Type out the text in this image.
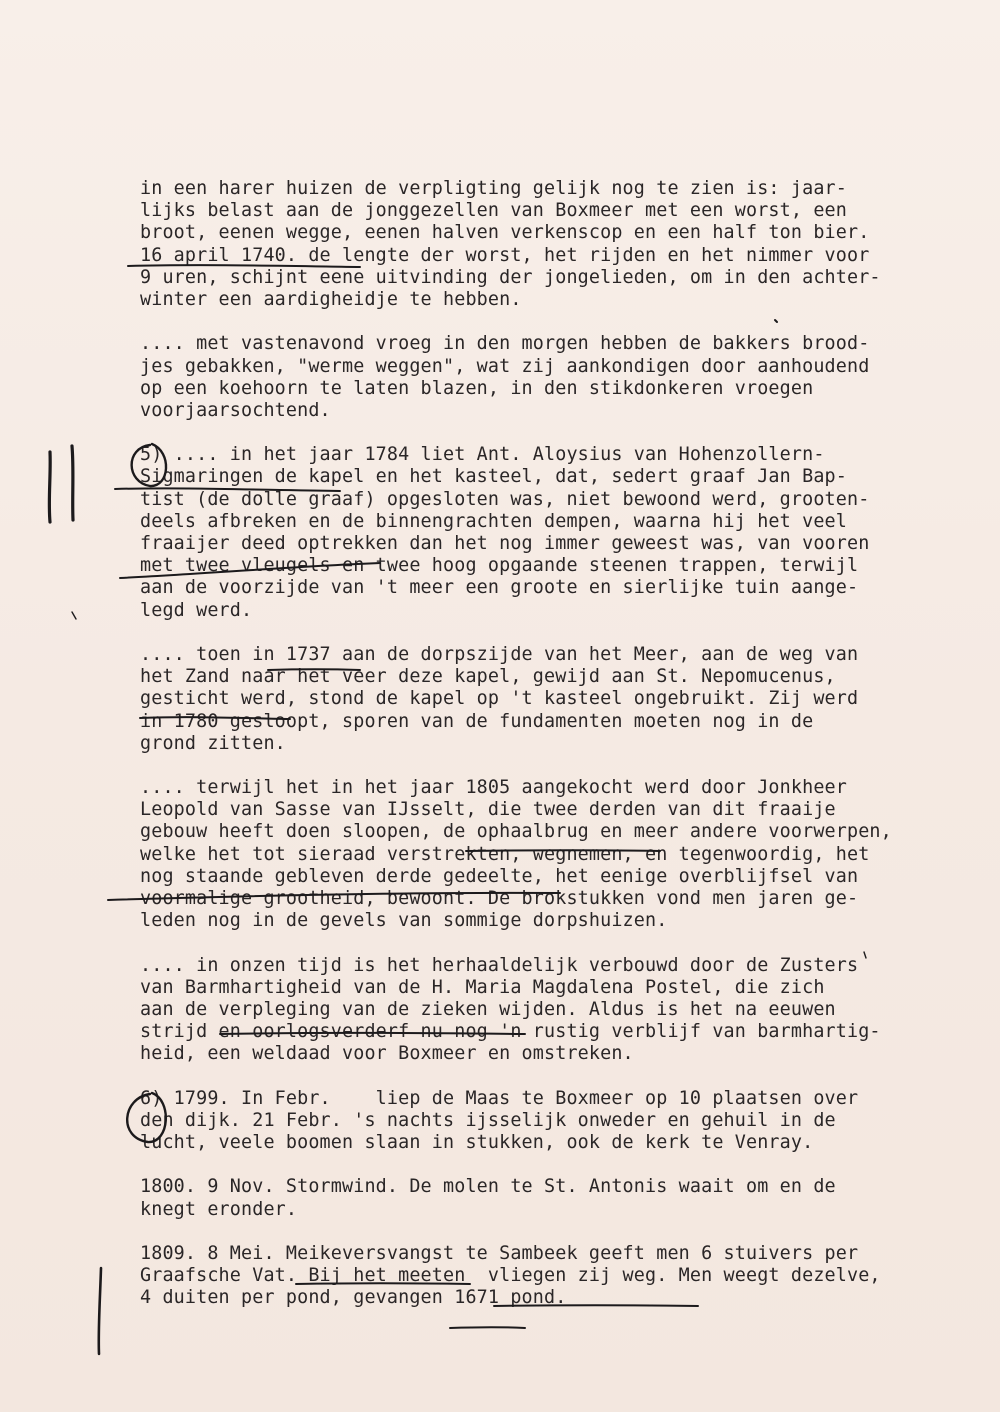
in een harer huizen de verpligting gelijk nog te zien is: jaar-
lijks belast aan de jonggezellen van Boxmeer met een worst, een
broot, eenen wegge, eenen halven verkenscop en een half ton bier.
16 april 1740. de lengte der worst, het rijden en het nimmer voor
9 uren, schijnt eene uitvinding der jongelieden, om in den achter-
winter een aardigheidje te hebben.
.... met vastenavond vroeg in den morgen hebben de bakkers brood-
jes gebakken, "werme weggen", wat zij aankondigen door aanhoudend
op een koehoorn te laten blazen, in den stikdonkeren vroegen
voorjaarsochtend.
5) .... in het jaar 1784 liet Ant. Aloysius van Hohenzollern-
Sigmaringen de kapel en het kasteel, dat, sedert graaf Jan Bap-
tist (de dolle graaf) opgesloten was, niet bewoond werd, grooten-
deels afbreken en de binnengrachten dempen, waarna hij het veel
fraaijer deed optrekken dan het nog immer geweest was, van vooren
met twee vleugels en twee hoog opgaande steenen trappen, terwijl
aan de voorzijde van 't meer een groote en sierlijke tuin aange-
legd werd.
.... toen in 1737 aan de dorpszijde van het Meer, aan de weg van
het Zand naar het veer deze kapel, gewijd aan St. Nepomucenus,
gesticht werd, stond de kapel op 't kasteel ongebruikt. Zij werd
in 1780 gesloopt, sporen van de fundamenten moeten nog in de
grond zitten.
.... terwijl het in het jaar 1805 aangekocht werd door Jonkheer
Leopold van Sasse van IJsselt, die twee derden van dit fraaije
gebouw heeft doen sloopen, de ophaalbrug en meer andere voorwerpen,
welke het tot sieraad verstrekten, wegnemen, en tegenwoordig, het
nog staande gebleven derde gedeelte, het eenige overblijfsel van
voormalige grootheid, bewoont. De brokstukken vond men jaren ge-
leden nog in de gevels van sommige dorpshuizen.
.... in onzen tijd is het herhaaldelijk verbouwd door de Zusters
van Barmhartigheid van de H. Maria Magdalena Postel, die zich
aan de verpleging van de zieken wijden. Aldus is het na eeuwen
strijd en oorlogsverderf nu nog 'n rustig verblijf van barmhartig-
heid, een weldaad voor Boxmeer en omstreken.
6) 1799. In Febr.    liep de Maas te Boxmeer op 10 plaatsen over
den dijk. 21 Febr. 's nachts ijsselijk onweder en gehuil in de
lucht, veele boomen slaan in stukken, ook de kerk te Venray.
1800. 9 Nov. Stormwind. De molen te St. Antonis waait om en de
knegt eronder.
1809. 8 Mei. Meikeversvangst te Sambeek geeft men 6 stuivers per
Graafsche Vat. Bij het meeten  vliegen zij weg. Men weegt dezelve,
4 duiten per pond, gevangen 1671 pond.
